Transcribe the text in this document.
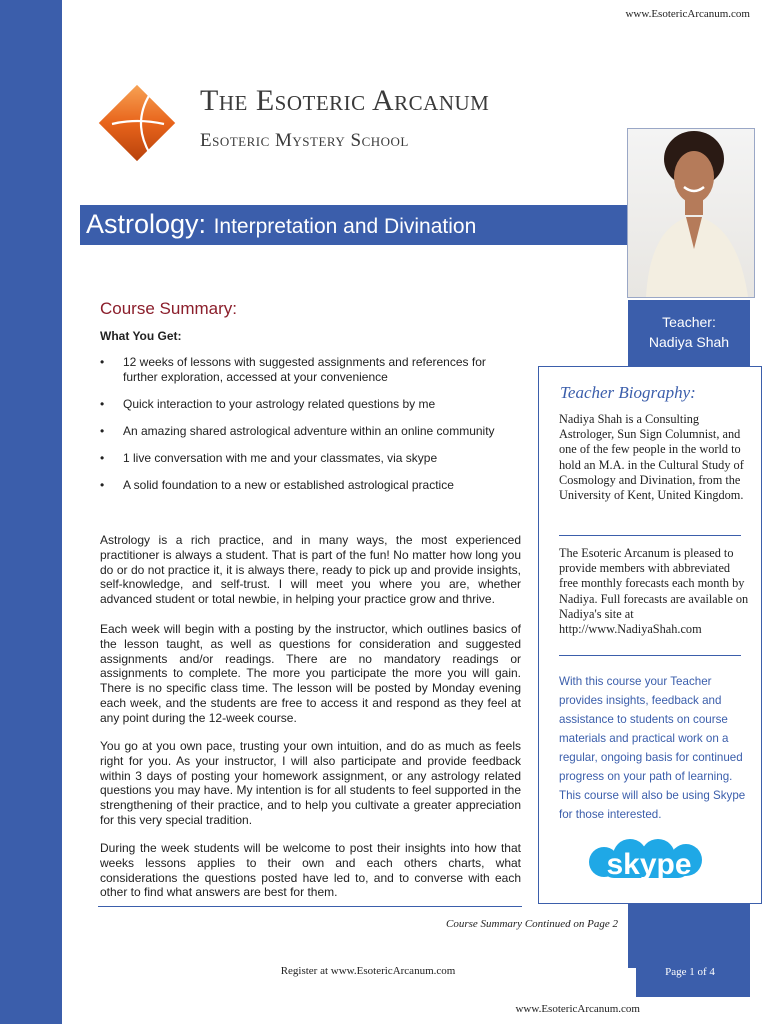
www.EsotericArcanum.com
The Esoteric Arcanum
Esoteric Mystery School
Astrology: Interpretation and Divination
Teacher:
Nadiya Shah
Teacher Biography:
Nadiya Shah is a Consulting Astrologer, Sun Sign Columnist, and one of the few people in the world to hold an M.A. in the Cultural Study of Cosmology and Divination, from the University of Kent, United Kingdom.
The Esoteric Arcanum is pleased to provide members with abbreviated free monthly forecasts each month by Nadiya. Full forecasts are available on Nadiya's site at http://www.NadiyaShah.com
With this course your Teacher provides insights, feedback and assistance to students on course materials and practical work on a regular, ongoing basis for continued progress on your path of learning. This course will also be using Skype for those interested.
skype
Course Summary:
What You Get:
• 12 weeks of lessons with suggested assignments and references for further exploration, accessed at your convenience
• Quick interaction to your astrology related questions by me
• An amazing shared astrological adventure within an online community
• 1 live conversation with me and your classmates, via skype
• A solid foundation to a new or established astrological practice
Astrology is a rich practice, and in many ways, the most experienced practitioner is always a student. That is part of the fun! No matter how long you do or do not practice it, it is always there, ready to pick up and provide insights, self-knowledge, and self-trust. I will meet you where you are, whether advanced student or total newbie, in helping your practice grow and thrive.
Each week will begin with a posting by the instructor, which outlines basics of the lesson taught, as well as questions for consideration and suggested assignments and/or readings. There are no mandatory readings or assignments to complete. The more you participate the more you will gain. There is no specific class time. The lesson will be posted by Monday evening each week, and the students are free to access it and respond as they feel at any point during the 12-week course.
You go at you own pace, trusting your own intuition, and do as much as feels right for you. As your instructor, I will also participate and provide feedback within 3 days of posting your homework assignment, or any astrology related questions you may have. My intention is for all students to feel supported in the strengthening of their practice, and to help you cultivate a greater appreciation for this very special tradition.
During the week students will be welcome to post their insights into how that weeks lessons applies to their own and each others charts, what considerations the questions posted have led to, and to converse with each other to find what answers are best for them.
Course Summary Continued on Page 2
Register at www.EsotericArcanum.com	Page 1 of 4
www.EsotericArcanum.com
